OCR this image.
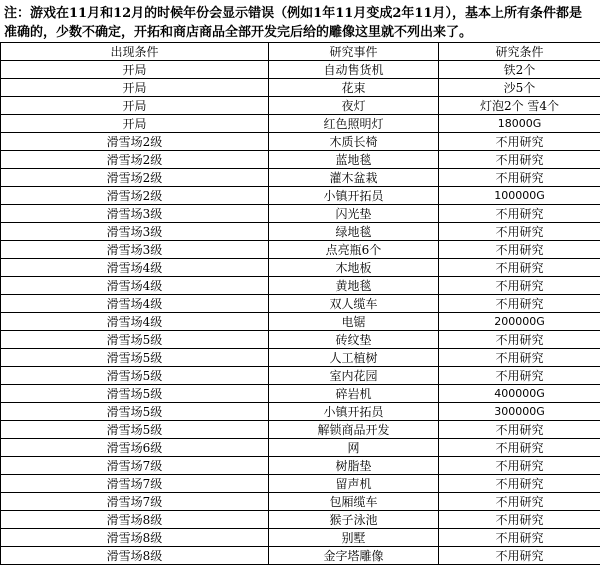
注：游戏在11月和12月的时候年份会显示错误（例如1年11月变成2年11月），基本上所有条件都是准确的，少数不确定，开拓和商店商品全部开发完后给的雕像这里就不列出来了。
出现条件	研究事件	研究条件
开局	自动售货机	铁2个
开局	花束	沙5个
开局	夜灯	灯泡2个 雪4个
开局	红色照明灯	18000G
滑雪场2级	木质长椅	不用研究
滑雪场2级	蓝地毯	不用研究
滑雪场2级	灌木盆栽	不用研究
滑雪场2级	小镇开拓员	100000G
滑雪场3级	闪光垫	不用研究
滑雪场3级	绿地毯	不用研究
滑雪场3级	点亮瓶6个	不用研究
滑雪场4级	木地板	不用研究
滑雪场4级	黄地毯	不用研究
滑雪场4级	双人缆车	不用研究
滑雪场4级	电锯	200000G
滑雪场5级	砖纹垫	不用研究
滑雪场5级	人工植树	不用研究
滑雪场5级	室内花园	不用研究
滑雪场5级	碎岩机	400000G
滑雪场5级	小镇开拓员	300000G
滑雪场5级	解锁商品开发	不用研究
滑雪场6级	网	不用研究
滑雪场7级	树脂垫	不用研究
滑雪场7级	留声机	不用研究
滑雪场7级	包厢缆车	不用研究
滑雪场8级	猴子泳池	不用研究
滑雪场8级	别墅	不用研究
滑雪场8级	金字塔雕像	不用研究
